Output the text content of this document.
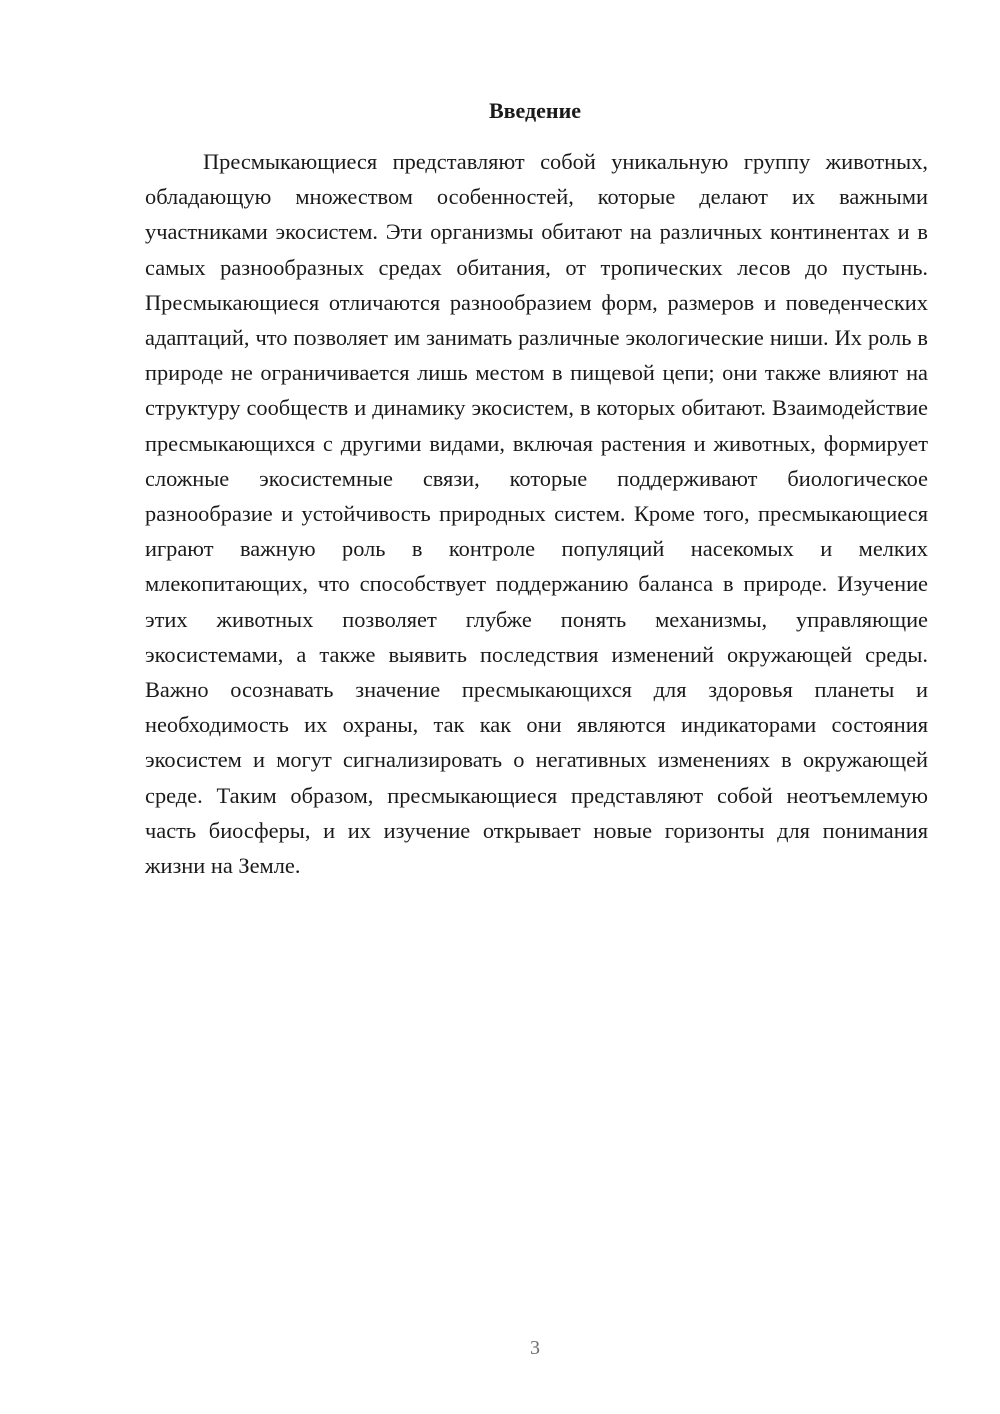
Введение

Пресмыкающиеся представляют собой уникальную группу животных, обладающую множеством особенностей, которые делают их важными участниками экосистем. Эти организмы обитают на различных континентах и в самых разнообразных средах обитания, от тропических лесов до пустынь. Пресмыкающиеся отличаются разнообразием форм, размеров и поведенческих адаптаций, что позволяет им занимать различные экологические ниши. Их роль в природе не ограничивается лишь местом в пищевой цепи; они также влияют на структуру сообществ и динамику экосистем, в которых обитают. Взаимодействие пресмыкающихся с другими видами, включая растения и животных, формирует сложные экосистемные связи, которые поддерживают биологическое разнообразие и устойчивость природных систем. Кроме того, пресмыкающиеся играют важную роль в контроле популяций насекомых и мелких млекопитающих, что способствует поддержанию баланса в природе. Изучение этих животных позволяет глубже понять механизмы, управляющие экосистемами, а также выявить последствия изменений окружающей среды. Важно осознавать значение пресмыкающихся для здоровья планеты и необходимость их охраны, так как они являются индикаторами состояния экосистем и могут сигнализировать о негативных изменениях в окружающей среде. Таким образом, пресмыкающиеся представляют собой неотъемлемую часть биосферы, и их изучение открывает новые горизонты для понимания жизни на Земле.

3
